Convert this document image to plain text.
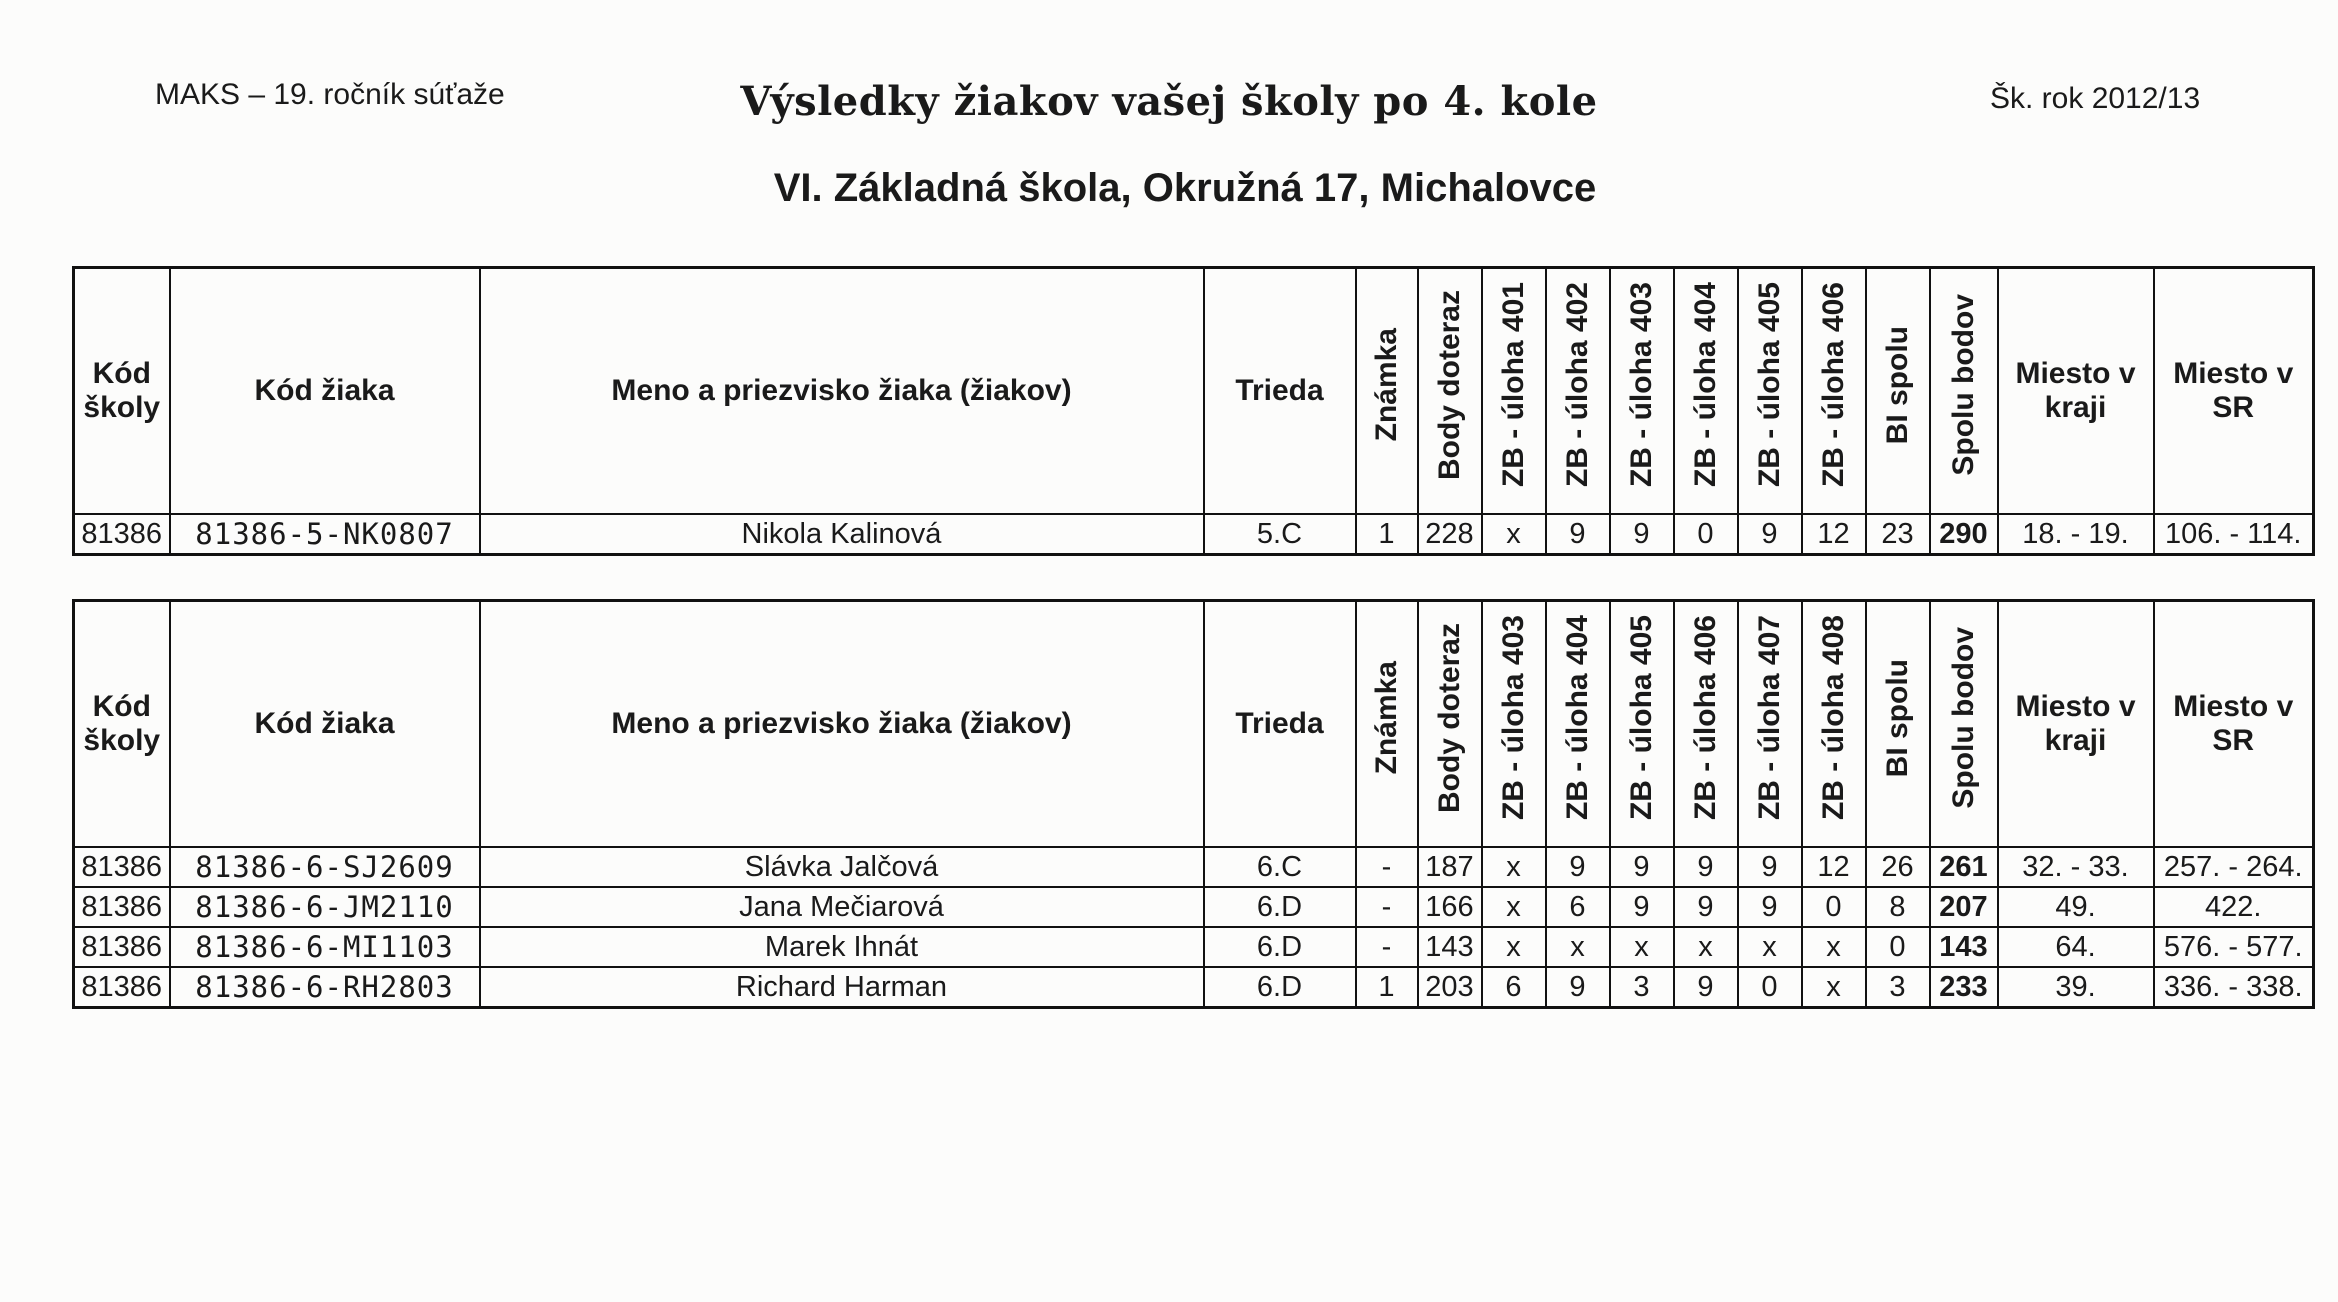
MAKS – 19. ročník súťaže	Výsledky žiakov vašej školy po 4. kole	Šk. rok 2012/13
VI. Základná škola, Okružná 17, Michalovce
Kód školy	Kód žiaka	Meno a priezvisko žiaka (žiakov)	Trieda	Známka	Body doteraz	ZB - úloha 401	ZB - úloha 402	ZB - úloha 403	ZB - úloha 404	ZB - úloha 405	ZB - úloha 406	BI spolu	Spolu bodov	Miesto v kraji	Miesto v SR
81386	81386-5-NK0807	Nikola Kalinová	5.C	1	228	x	9	9	0	9	12	23	290	18. - 19.	106. - 114.
Kód školy	Kód žiaka	Meno a priezvisko žiaka (žiakov)	Trieda	Známka	Body doteraz	ZB - úloha 403	ZB - úloha 404	ZB - úloha 405	ZB - úloha 406	ZB - úloha 407	ZB - úloha 408	BI spolu	Spolu bodov	Miesto v kraji	Miesto v SR
81386	81386-6-SJ2609	Slávka Jalčová	6.C	-	187	x	9	9	9	9	12	26	261	32. - 33.	257. - 264.
81386	81386-6-JM2110	Jana Mečiarová	6.D	-	166	x	6	9	9	9	0	8	207	49.	422.
81386	81386-6-MI1103	Marek Ihnát	6.D	-	143	x	x	x	x	x	x	0	143	64.	576. - 577.
81386	81386-6-RH2803	Richard Harman	6.D	1	203	6	9	3	9	0	x	3	233	39.	336. - 338.
